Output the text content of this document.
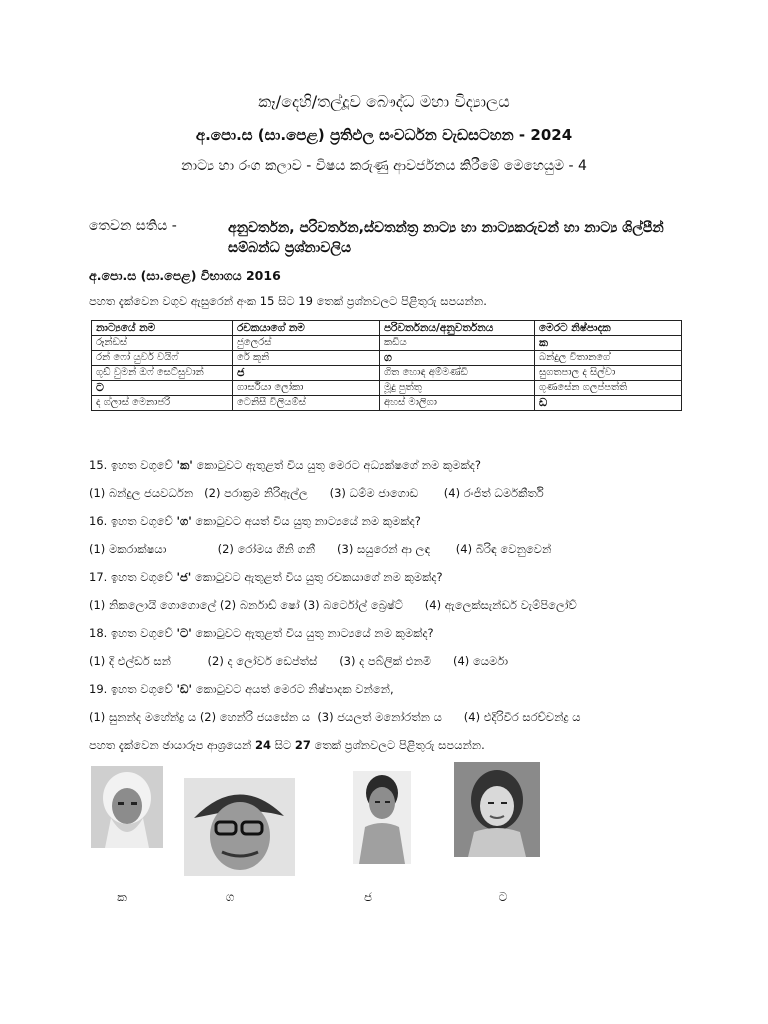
කෑ/දෙහි/තල්දූව බෞද්ධ මහා විද්‍යාලය
අ.පො.ස (සා.පෙළ) ප්‍රතිඵල සංවර්ධන වැඩසටහන - 2024
නාට්‍ය හා රංග කලාව - විෂය කරුණු ආවර්ජනය කිරීමේ මෙහෙයුම - 4
තෙවන සතිය -	අනුවර්තන, පරිවර්තන,ස්වතන්ත්‍ර නාට්‍ය හා නාට්‍යකරුවන් හා නාට්‍ය ශිල්පීන් සම්බන්ධ ප්‍රශ්නාවලිය
අ.පො.ස (සා.පෙළ) විභාගය 2016
පහත දැක්වෙන වගුව ඇසුරෙන් අංක 15 සිට 19 තෙක් ප්‍රශ්නවලට පිළිතුරු සපයන්න.
නාට්‍යයේ නම	රචකයාගේ නම	පරිවර්තනය/අනුවර්තනය	මෙරට නිෂ්පාදක
රූන්ඩස්	ජුලෙරස්	කඩිය	ක
රන් ෆෝ යුවර් වයිෆ්	රේ කූනි	ග	බන්දුල විතානගේ
ගුඩ් වුමන් ඔෆ් සෙට්සුවාන්	ජ	ගිත හොඳ අම්මණ්ඩි	සුගතපාල ද සිල්වා
ට	ගාර්සියා ලෝකා	මූදු පුත්තු	ගුණසේන ගලප්පත්ති
ද ග්ලාස් මෙනාජරි	ටෙනිසී විලියම්ස්	අහස් මාලිගා	ඩ
15. ඉහත වගුවේ 'ක' කොටුවට ඇතුළත් විය යුතු මෙරට අධ්‍යක්ෂගේ නම කුමක්ද?
(1) බන්දුල ජයවර්ධන   (2) පරාක්‍රම නිරිඇල්ල      (3) ධම්ම ජාගොඩ       (4) රංජිත් ධර්මකීර්ති
16. ඉහත වගුවේ 'ග' කොටුවට අයත් විය යුතු නාට්‍යයේ නම කුමක්ද?
(1) මකරාක්ෂයා              (2) රෝමය ගිනි ගනී      (3) සයුරෙන් ආ ලඳ       (4) බිරිඳ වෙනුවෙන්
17. ඉහත වගුවේ 'ජ' කොටුවට ඇතුළත් විය යුතු රචකයාගේ නම කුමක්ද?
(1) නිකලොයි ගොගොලේ (2) බර්නාඩ් ෂෝ (3) බර්ටෝල් බ්‍රෙෂ්ට්      (4) ඇලෙක්සැන්ඩර් වැම්පිලෝව්
18. ඉහත වගුවේ 'ට' කොටුවට ඇතුළත් විය යුතු නාට්‍යයේ නම කුමක්ද?
(1) දි එල්ඩර් සන්          (2) ද ලෝවර් ඩෙප්ත්ස්      (3) ද පබ්ලික් එනමි      (4) යෙර්මා
19. ඉහත වගුවේ 'ඩ' කොටුවට අයත් මෙරට නිෂ්පාදක වන්නේ,
(1) සුනන්ද මහේන්ද්‍ර ය (2) හෙන්රි ජයසේන ය  (3) ජයලත් මනෝරත්න ය      (4) එදිරිවීර සරච්චන්ද්‍ර ය
පහත දැක්වෙන ඡායාරූප ආශ්‍රයෙන් 24 සිට 27 තෙක් ප්‍රශ්නවලට පිළිතුරු සපයන්න.
ක	ග	ජ	ට
